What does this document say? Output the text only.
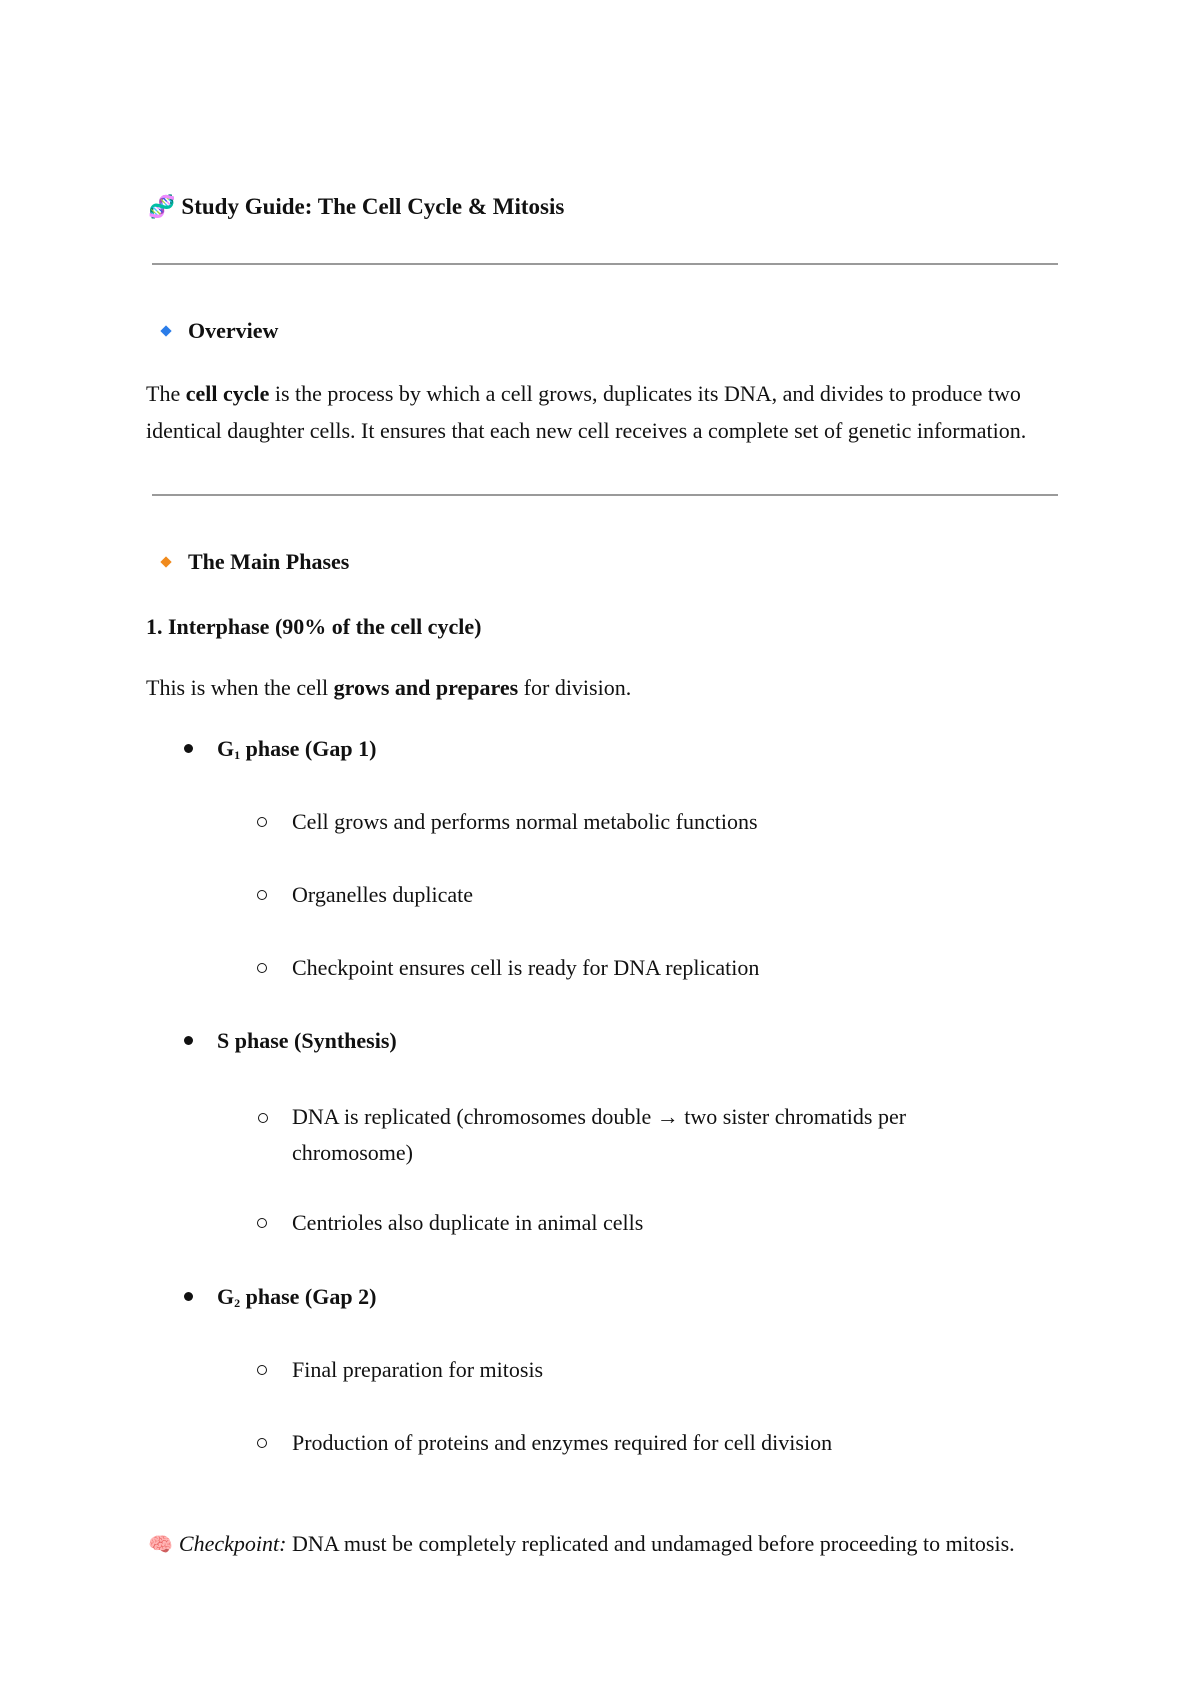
🧬 Study Guide: The Cell Cycle & Mitosis
Overview
The cell cycle is the process by which a cell grows, duplicates its DNA, and divides to produce two identical daughter cells. It ensures that each new cell receives a complete set of genetic information.
The Main Phases
1. Interphase (90% of the cell cycle)
This is when the cell grows and prepares for division.
$G_1$ phase (Gap 1)
Cell grows and performs normal metabolic functions
Organelles duplicate
Checkpoint ensures cell is ready for DNA replication
S phase (Synthesis)
DNA is replicated (chromosomes double → two sister chromatids per chromosome)
Centrioles also duplicate in animal cells
$G_2$ phase (Gap 2)
Final preparation for mitosis
Production of proteins and enzymes required for cell division
🧠 Checkpoint: DNA must be completely replicated and undamaged before proceeding to mitosis.
